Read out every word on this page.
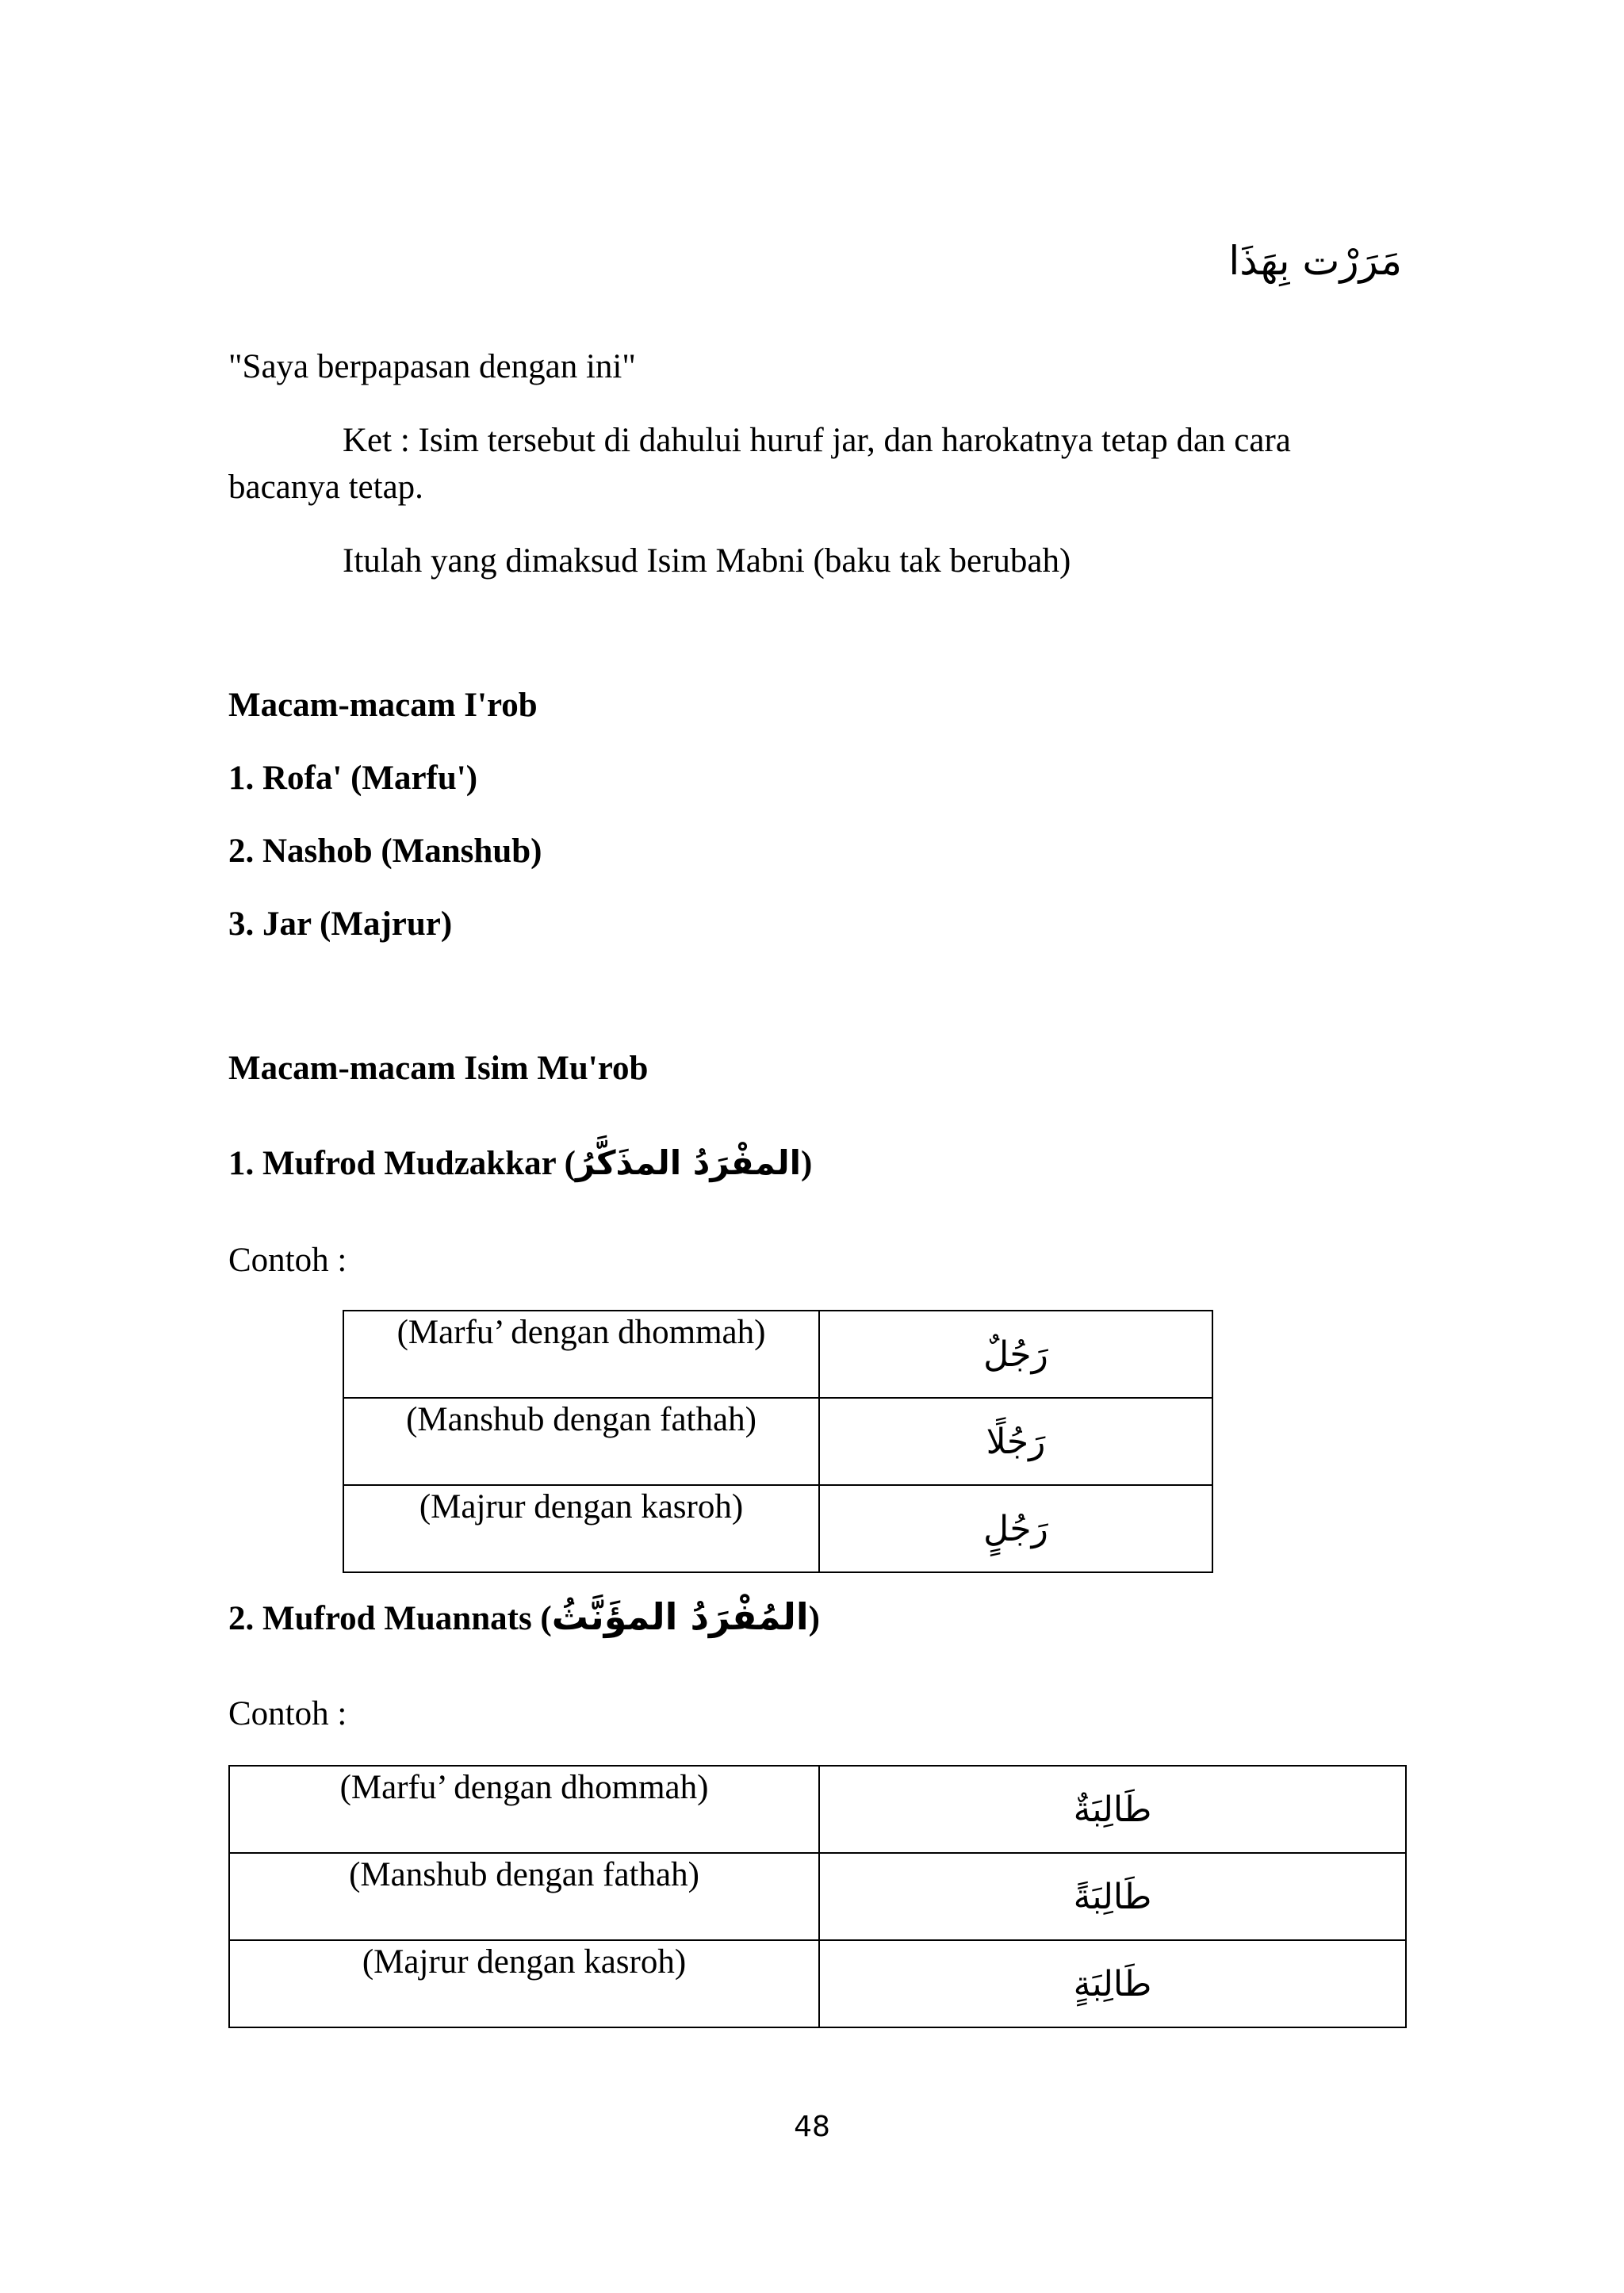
مَرَرْت بِهَذَا
"Saya berpapasan dengan ini"
Ket : Isim tersebut di dahului huruf jar, dan harokatnya tetap dan cara
bacanya tetap.
Itulah yang dimaksud Isim Mabni (baku tak berubah)
Macam-macam I'rob
1. Rofa' (Marfu')
2. Nashob (Manshub)
3. Jar (Majrur)
Macam-macam Isim Mu'rob
1. Mufrod Mudzakkar (المفْرَدُ المذَكَّرُ)
Contoh :
(Marfu’ dengan dhommah)	رَجُلٌ
(Manshub dengan fathah)	رَجُلًا
(Majrur dengan kasroh)	رَجُلٍ
2. Mufrod Muannats (المُفْرَدُ المؤَنَّثُ)
Contoh :
(Marfu’ dengan dhommah)	طَالِبَةٌ
(Manshub dengan fathah)	طَالِبَةً
(Majrur dengan kasroh)	طَالِبَةٍ
48
